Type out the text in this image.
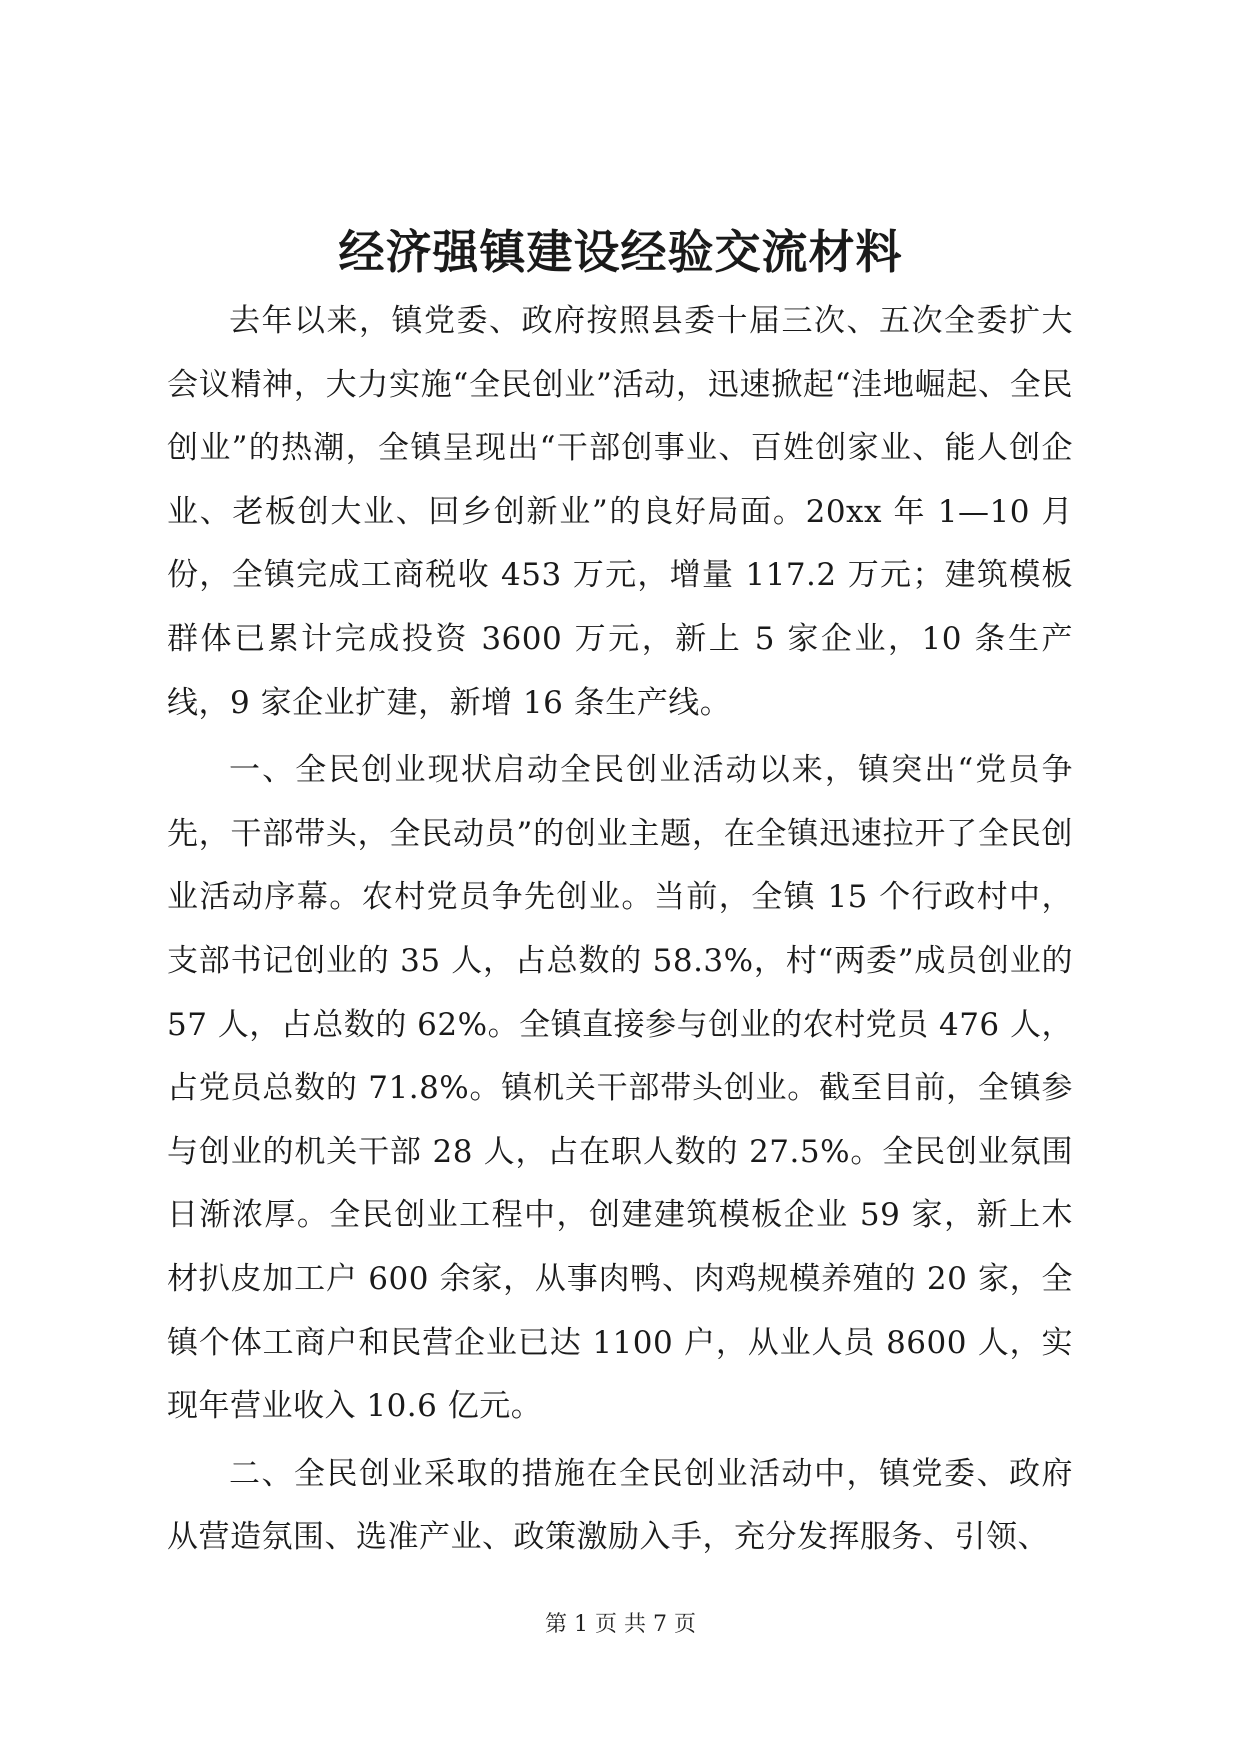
经济强镇建设经验交流材料

去年以来，镇党委、政府按照县委十届三次、五次全委扩大会议精神，大力实施“全民创业”活动，迅速掀起“洼地崛起、全民创业”的热潮，全镇呈现出“干部创事业、百姓创家业、能人创企业、老板创大业、回乡创新业”的良好局面。20xx 年 1—10 月份，全镇完成工商税收 453 万元，增量 117.2 万元；建筑模板群体已累计完成投资 3600 万元，新上 5 家企业，10 条生产线，9 家企业扩建，新增 16 条生产线。

一、全民创业现状启动全民创业活动以来，镇突出“党员争先，干部带头，全民动员”的创业主题，在全镇迅速拉开了全民创业活动序幕。农村党员争先创业。当前，全镇 15 个行政村中，支部书记创业的 35 人，占总数的 58.3%，村“两委”成员创业的 57 人，占总数的 62%。全镇直接参与创业的农村党员 476 人，占党员总数的 71.8%。镇机关干部带头创业。截至目前，全镇参与创业的机关干部 28 人，占在职人数的 27.5%。全民创业氛围日渐浓厚。全民创业工程中，创建建筑模板企业 59 家，新上木材扒皮加工户 600 余家，从事肉鸭、肉鸡规模养殖的 20 家，全镇个体工商户和民营企业已达 1100 户，从业人员 8600 人，实现年营业收入 10.6 亿元。

二、全民创业采取的措施在全民创业活动中，镇党委、政府从营造氛围、选准产业、政策激励入手，充分发挥服务、引领、

第 1 页 共 7 页
